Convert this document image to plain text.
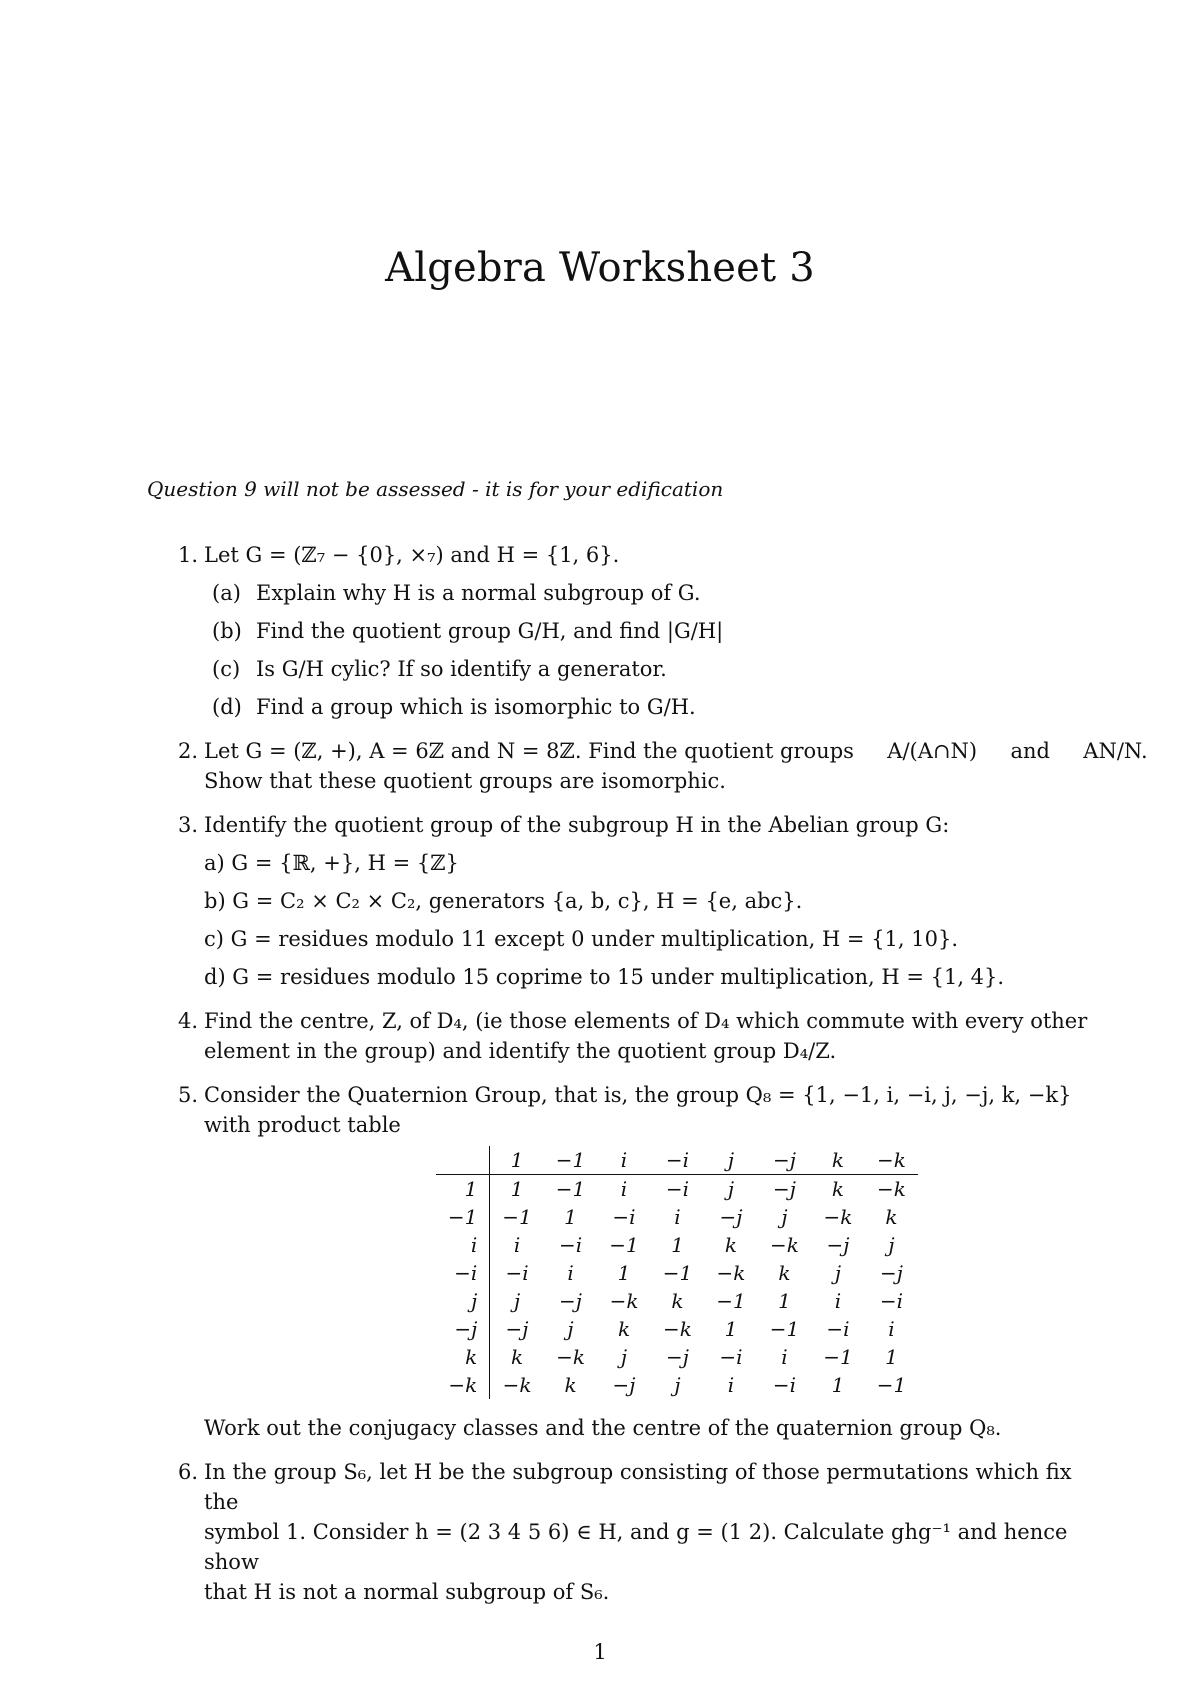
Algebra Worksheet 3
Question 9 will not be assessed - it is for your edification
1. Let G = (ℤ₇ − {0}, ×₇) and H = {1, 6}.
(a) Explain why H is a normal subgroup of G.
(b) Find the quotient group G/H, and find |G/H|
(c) Is G/H cylic? If so identify a generator.
(d) Find a group which is isomorphic to G/H.
2. Let G = (ℤ, +), A = 6ℤ and N = 8ℤ. Find the quotient groups     A/(A∩N)     and     AN/N.
Show that these quotient groups are isomorphic.
3. Identify the quotient group of the subgroup H in the Abelian group G:
a) G = {ℝ, +}, H = {ℤ}
b) G = C₂ × C₂ × C₂, generators {a, b, c}, H = {e, abc}.
c) G = residues modulo 11 except 0 under multiplication, H = {1, 10}.
d) G = residues modulo 15 coprime to 15 under multiplication, H = {1, 4}.
4. Find the centre, Z, of D₄, (ie those elements of D₄ which commute with every other
element in the group) and identify the quotient group D₄/Z.
5. Consider the Quaternion Group, that is, the group Q₈ = {1, −1, i, −i, j, −j, k, −k}
with product table
	1	−1	i	−i	j	−j	k	−k
1	1	−1	i	−i	j	−j	k	−k
−1	−1	1	−i	i	−j	j	−k	k
i	i	−i	−1	1	k	−k	−j	j
−i	−i	i	1	−1	−k	k	j	−j
j	j	−j	−k	k	−1	1	i	−i
−j	−j	j	k	−k	1	−1	−i	i
k	k	−k	j	−j	−i	i	−1	1
−k	−k	k	−j	j	i	−i	1	−1
Work out the conjugacy classes and the centre of the quaternion group Q₈.
6. In the group S₆, let H be the subgroup consisting of those permutations which fix the
symbol 1. Consider h = (2 3 4 5 6) ∈ H, and g = (1 2). Calculate ghg⁻¹ and hence show
that H is not a normal subgroup of S₆.
1
